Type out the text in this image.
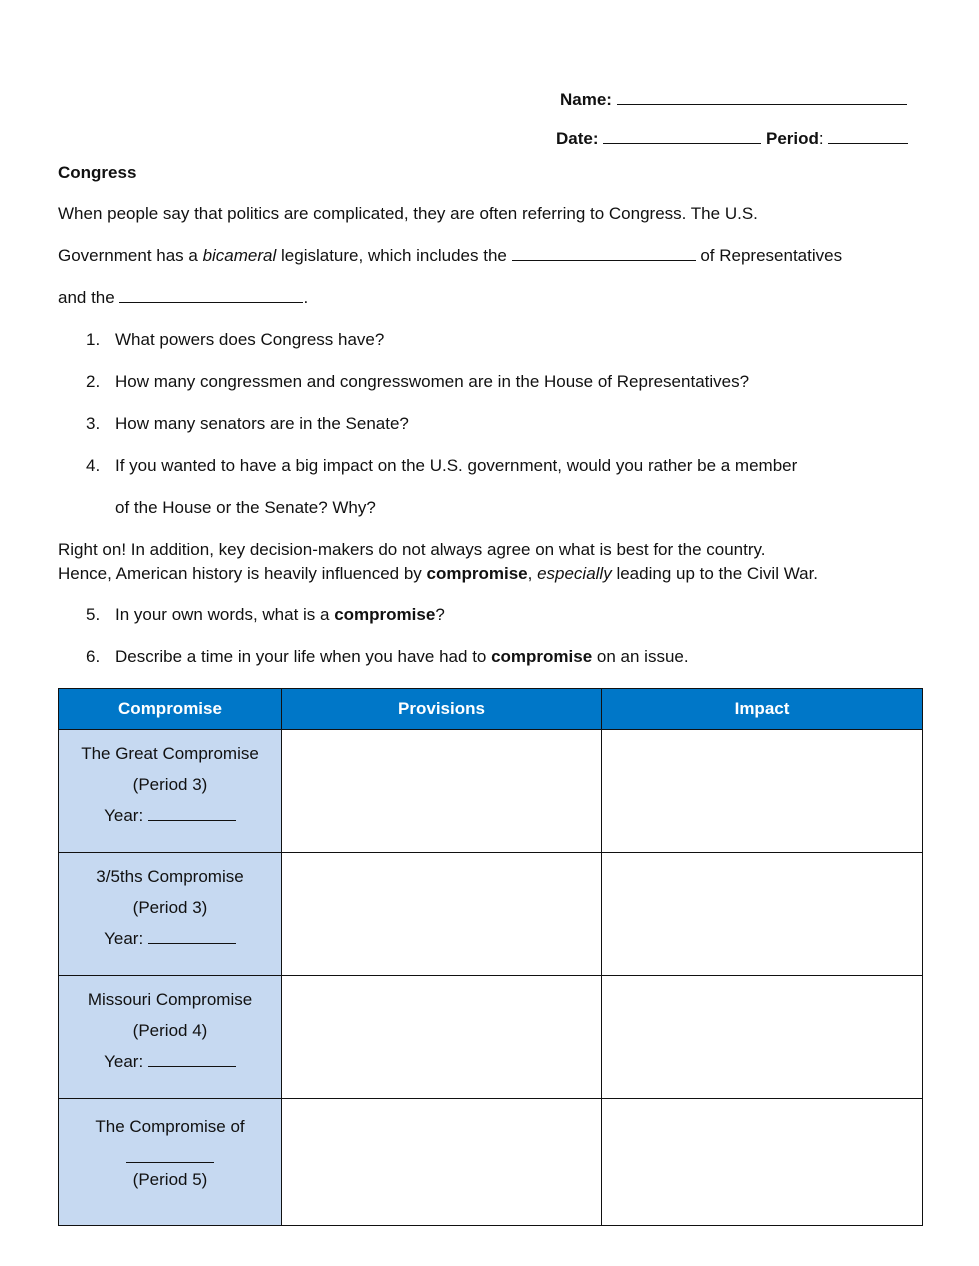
Name:
Date:	Period:
Congress
When people say that politics are complicated, they are often referring to Congress. The U.S.
Government has a bicameral legislature, which includes the	of Representatives
and the	.
1. What powers does Congress have?
2. How many congressmen and congresswomen are in the House of Representatives?
3. How many senators are in the Senate?
4. If you wanted to have a big impact on the U.S. government, would you rather be a member
of the House or the Senate? Why?
Right on! In addition, key decision-makers do not always agree on what is best for the country.
Hence, American history is heavily influenced by compromise, especially leading up to the Civil War.
5. In your own words, what is a compromise?
6. Describe a time in your life when you have had to compromise on an issue.
Compromise	Provisions	Impact

The Great Compromise
(Period 3)
Year:		

3/5ths Compromise
(Period 3)
Year:		

Missouri Compromise
(Period 4)
Year:		

The Compromise of
(Period 5)		
